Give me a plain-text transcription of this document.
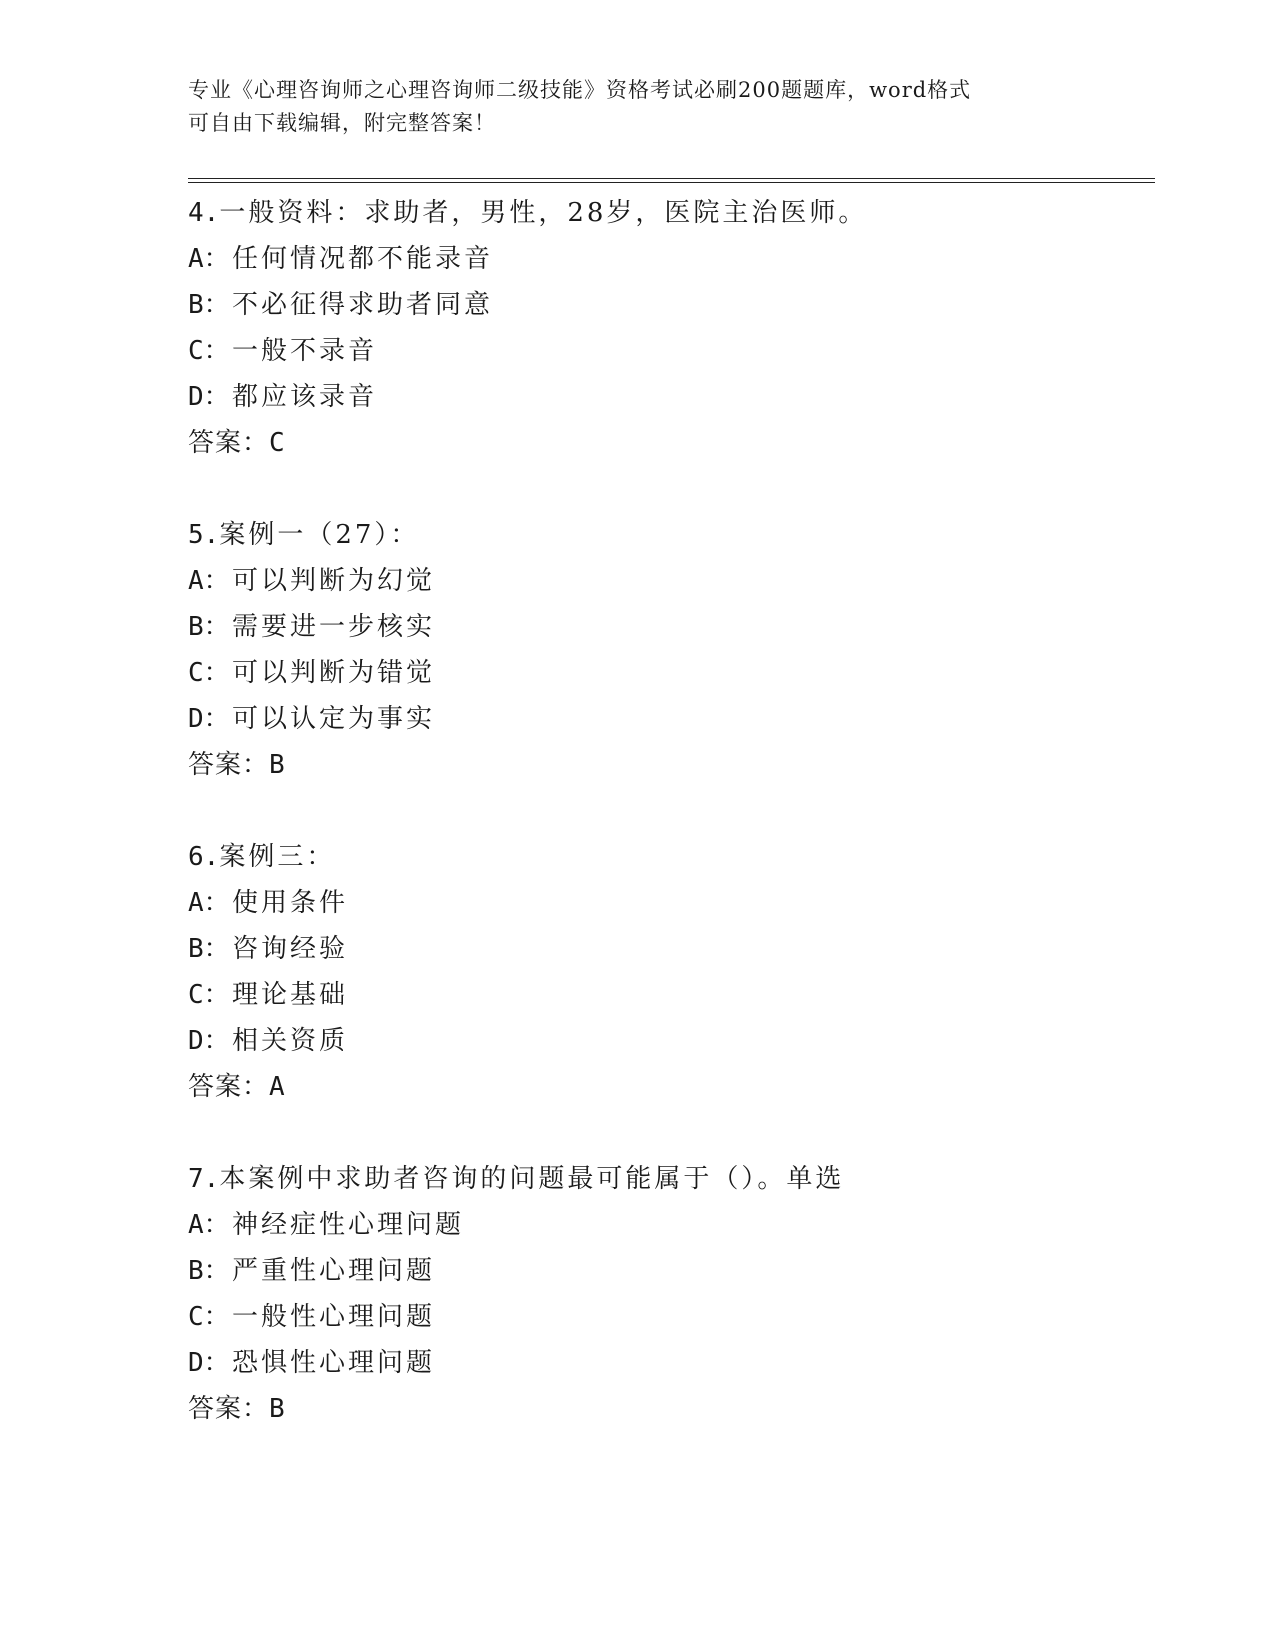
专业《心理咨询师之心理咨询师二级技能》资格考试必刷200题题库，word格式
可自由下载编辑，附完整答案！
4.一般资料：求助者，男性，28岁，医院主治医师。
A：任何情况都不能录音
B：不必征得求助者同意
C：一般不录音
D：都应该录音
答案：C
5.案例一（27）：
A：可以判断为幻觉
B：需要进一步核实
C：可以判断为错觉
D：可以认定为事实
答案：B
6.案例三：
A：使用条件
B：咨询经验
C：理论基础
D：相关资质
答案：A
7.本案例中求助者咨询的问题最可能属于（）。单选
A：神经症性心理问题
B：严重性心理问题
C：一般性心理问题
D：恐惧性心理问题
答案：B
